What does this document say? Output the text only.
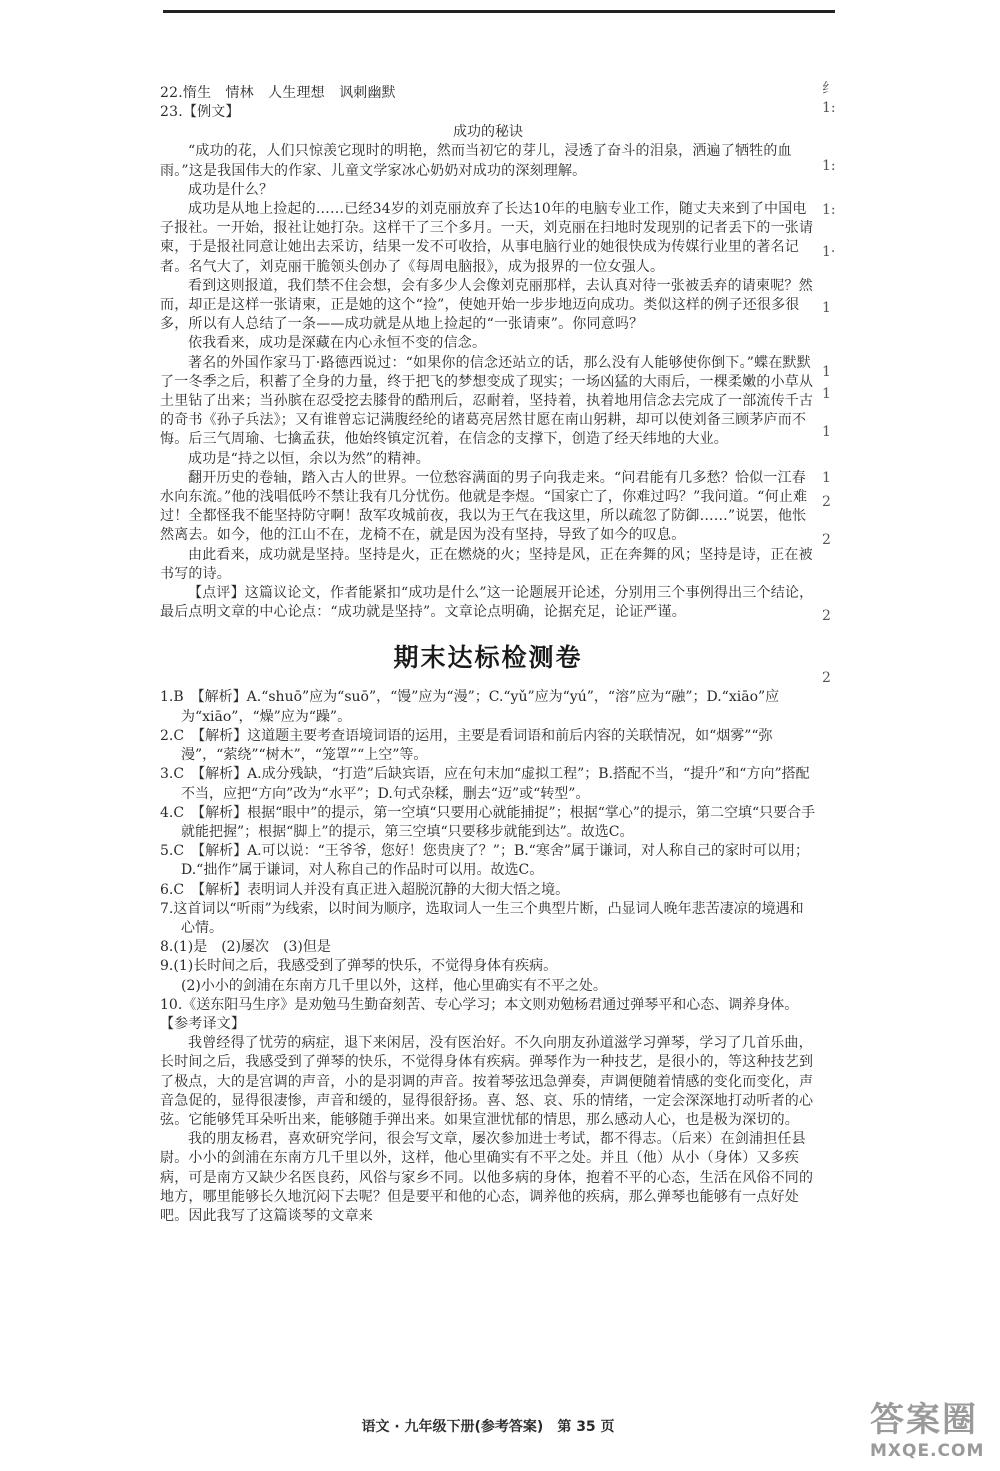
纟
1:
1:
1:
1·
1
1
1
1
1
2
2
2
2
22.惰生　情林　人生理想　讽刺幽默
23.【例文】
成功的秘诀

“成功的花，人们只惊羡它现时的明艳，然而当初它的芽儿，浸透了奋斗的泪泉，洒遍了牺牲的血雨。”这是我国伟大的作家、儿童文学家冰心奶奶对成功的深刻理解。

成功是什么？

成功是从地上捡起的……已经34岁的刘克丽放弃了长达10年的电脑专业工作，随丈夫来到了中国电子报社。一开始，报社让她打杂。这样干了三个多月。一天，刘克丽在扫地时发现别的记者丢下的一张请柬，于是报社同意让她出去采访，结果一发不可收拾，从事电脑行业的她很快成为传媒行业里的著名记者。名气大了，刘克丽干脆领头创办了《每周电脑报》，成为报界的一位女强人。

看到这则报道，我们禁不住会想，会有多少人会像刘克丽那样，去认真对待一张被丢弃的请柬呢？然而，却正是这样一张请柬，正是她的这个“捡”，使她开始一步步地迈向成功。类似这样的例子还很多很多，所以有人总结了一条——成功就是从地上捡起的“一张请柬”。你同意吗？

依我看来，成功是深藏在内心永恒不变的信念。

著名的外国作家马丁·路德西说过：“如果你的信念还站立的话，那么没有人能够使你倒下。”蝶在默默了一冬季之后，积蓄了全身的力量，终于把飞的梦想变成了现实；一场凶猛的大雨后，一棵柔嫩的小草从土里钻了出来；当孙膑在忍受挖去膝骨的酷刑后，忍耐着，坚持着，执着地用信念去完成了一部流传千古的奇书《孙子兵法》；又有谁曾忘记满腹经纶的诸葛亮居然甘愿在南山躬耕，却可以使刘备三顾茅庐而不悔。后三气周瑜、七擒孟获，他始终镇定沉着，在信念的支撑下，创造了经天纬地的大业。

成功是“持之以恒，余以为然”的精神。

翻开历史的卷轴，踏入古人的世界。一位愁容满面的男子向我走来。“问君能有几多愁？恰似一江春水向东流。”他的浅唱低吟不禁让我有几分忧伤。他就是李煜。“国家亡了，你难过吗？”我问道。“何止难过！全都怪我不能坚持防守啊！敌军攻城前夜，我以为王气在我这里，所以疏忽了防御……”说罢，他怅然离去。如今，他的江山不在，龙椅不在，就是因为没有坚持，导致了如今的叹息。

由此看来，成功就是坚持。坚持是火，正在燃烧的火；坚持是风，正在奔舞的风；坚持是诗，正在被书写的诗。

【点评】这篇议论文，作者能紧扣“成功是什么”这一论题展开论述，分别用三个事例得出三个结论，最后点明文章的中心论点：“成功就是坚持”。文章论点明确，论据充足，论证严谨。

期末达标检测卷

1.B　【解析】A.“shuō”应为“suō”，“馒”应为“漫”；C.“yǔ”应为“yú”，“溶”应为“融”；D.“xiāo”应为“xiāo”，“燥”应为“躁”。

2.C　【解析】这道题主要考查语境词语的运用，主要是看词语和前后内容的关联情况，如“烟雾”“弥漫”，“萦绕”“树木”，“笼罩”“上空”等。

3.C　【解析】A.成分残缺，“打造”后缺宾语，应在句末加“虚拟工程”；B.搭配不当，“提升”和“方向”搭配不当，应把“方向”改为“水平”；D.句式杂糅，删去“迈”或“转型”。

4.C　【解析】根据“眼中”的提示，第一空填“只要用心就能捕捉”；根据“掌心”的提示，第二空填“只要合手就能把握”；根据“脚上”的提示，第三空填“只要移步就能到达”。故选C。

5.C　【解析】A.可以说：“王爷爷，您好！您贵庚了？”；B.“寒舍”属于谦词，对人称自己的家时可以用；D.“拙作”属于谦词，对人称自己的作品时可以用。故选C。

6.C　【解析】表明词人并没有真正进入超脱沉静的大彻大悟之境。

7.这首词以“听雨”为线索，以时间为顺序，选取词人一生三个典型片断，凸显词人晚年悲苦凄凉的境遇和心情。

8.(1)是　(2)屡次　(3)但是

9.(1)长时间之后，我感受到了弹琴的快乐，不觉得身体有疾病。

(2)小小的剑浦在东南方几千里以外，这样，他心里确实有不平之处。

10.《送东阳马生序》是劝勉马生勤奋刻苦、专心学习；本文则劝勉杨君通过弹琴平和心态、调养身体。

【参考译文】

我曾经得了忧劳的病症，退下来闲居，没有医治好。不久向朋友孙道滋学习弹琴，学习了几首乐曲，长时间之后，我感受到了弹琴的快乐，不觉得身体有疾病。弹琴作为一种技艺，是很小的，等这种技艺到了极点，大的是宫调的声音，小的是羽调的声音。按着琴弦迅急弹奏，声调便随着情感的变化而变化，声音急促的，显得很凄惨，声音和缓的，显得很舒扬。喜、怒、哀、乐的情绪，一定会深深地打动听者的心弦。它能够凭耳朵听出来，能够随手弹出来。如果宣泄忧郁的情思，那么感动人心，也是极为深切的。

我的朋友杨君，喜欢研究学问，很会写文章，屡次参加进士考试，都不得志。（后来）在剑浦担任县尉。小小的剑浦在东南方几千里以外，这样，他心里确实有不平之处。并且（他）从小（身体）又多疾病，可是南方又缺少名医良药，风俗与家乡不同。以他多病的身体，抱着不平的心态，生活在风俗不同的地方，哪里能够长久地沉闷下去呢？但是要平和他的心态，调养他的疾病，那么弹琴也能够有一点好处吧。因此我写了这篇谈琴的文章来

语文 · 九年级下册(参考答案)　第 35 页	答案圈
MXQE.COM
